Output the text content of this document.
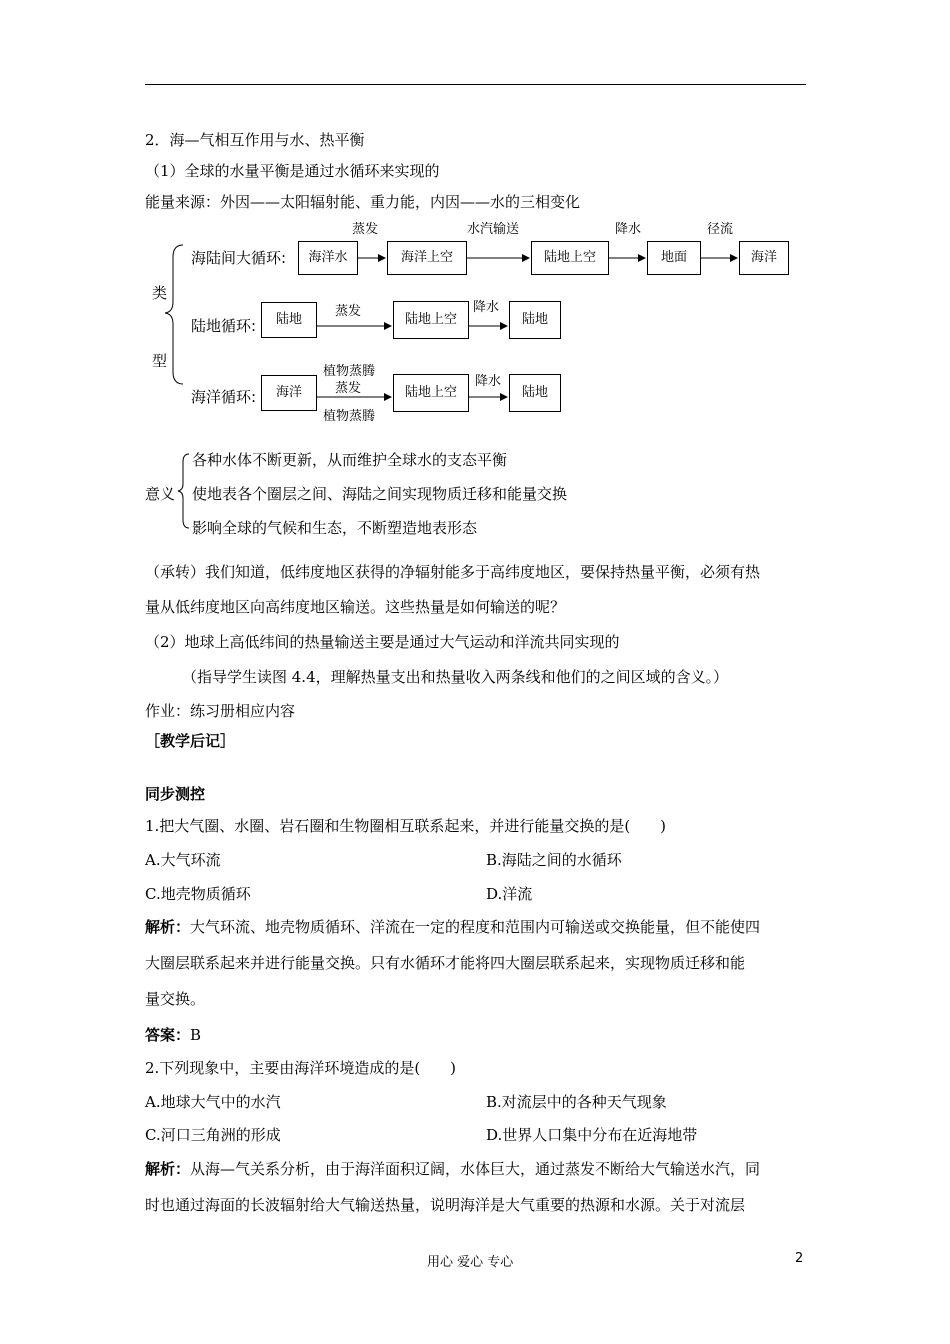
2．海—气相互作用与水、热平衡
（1）全球的水量平衡是通过水循环来实现的
能量来源：外因——太阳辐射能、重力能，内因——水的三相变化
类
型
海陆间大循环:	海洋水	海洋上空	陆地上空	地面	海洋
蒸发	水汽输送	降水	径流
陆地循环:	陆地	陆地上空	陆地
蒸发	降水
海洋循环:	海洋	陆地上空	陆地
植物蒸腾
蒸发
植物蒸腾
降水
意义
各种水体不断更新，从而维护全球水的支态平衡
使地表各个圈层之间、海陆之间实现物质迁移和能量交换
影响全球的气候和生态，不断塑造地表形态
（承转）我们知道，低纬度地区获得的净辐射能多于高纬度地区，要保持热量平衡，必须有热
量从低纬度地区向高纬度地区输送。这些热量是如何输送的呢？
（2）地球上高低纬间的热量输送主要是通过大气运动和洋流共同实现的
（指导学生读图 4.4，理解热量支出和热量收入两条线和他们的之间区域的含义。）
作业：练习册相应内容
［教学后记］
同步测控
1.把大气圈、水圈、岩石圈和生物圈相互联系起来，并进行能量交换的是(　　)
A.大气环流	B.海陆之间的水循环
C.地壳物质循环	D.洋流
解析：大气环流、地壳物质循环、洋流在一定的程度和范围内可输送或交换能量，但不能使四
大圈层联系起来并进行能量交换。只有水循环才能将四大圈层联系起来，实现物质迁移和能
量交换。
答案：B
2.下列现象中，主要由海洋环境造成的是(　　)
A.地球大气中的水汽	B.对流层中的各种天气现象
C.河口三角洲的形成	D.世界人口集中分布在近海地带
解析：从海—气关系分析，由于海洋面积辽阔，水体巨大，通过蒸发不断给大气输送水汽，同
时也通过海面的长波辐射给大气输送热量，说明海洋是大气重要的热源和水源。关于对流层
用心 爱心 专心	2
